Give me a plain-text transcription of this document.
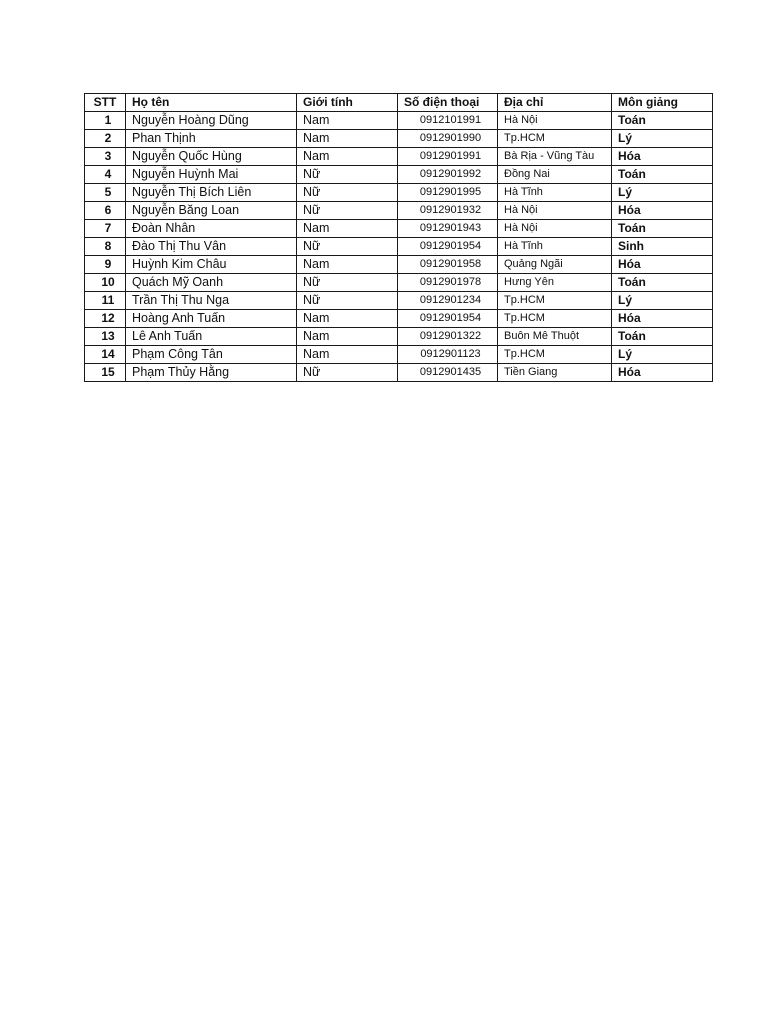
STT	Họ tên	Giới tính	Số điện thoại	Địa chỉ	Môn giảng
1	Nguyễn Hoàng Dũng	Nam	0912101991	Hà Nội	Toán
2	Phan Thịnh	Nam	0912901990	Tp.HCM	Lý
3	Nguyễn Quốc Hùng	Nam	0912901991	Bà Rịa - Vũng Tàu	Hóa
4	Nguyễn Huỳnh Mai	Nữ	0912901992	Đồng Nai	Toán
5	Nguyễn Thị Bích Liên	Nữ	0912901995	Hà Tĩnh	Lý
6	Nguyễn Băng Loan	Nữ	0912901932	Hà Nội	Hóa
7	Đoàn Nhân	Nam	0912901943	Hà Nội	Toán
8	Đào Thị Thu Vân	Nữ	0912901954	Hà Tĩnh	Sinh
9	Huỳnh Kim Châu	Nam	0912901958	Quảng Ngãi	Hóa
10	Quách Mỹ Oanh	Nữ	0912901978	Hưng Yên	Toán
11	Trần Thị Thu Nga	Nữ	0912901234	Tp.HCM	Lý
12	Hoàng Anh Tuấn	Nam	0912901954	Tp.HCM	Hóa
13	Lê Anh Tuấn	Nam	0912901322	Buôn Mê Thuột	Toán
14	Phạm Công Tân	Nam	0912901123	Tp.HCM	Lý
15	Phạm Thủy Hằng	Nữ	0912901435	Tiền Giang	Hóa
